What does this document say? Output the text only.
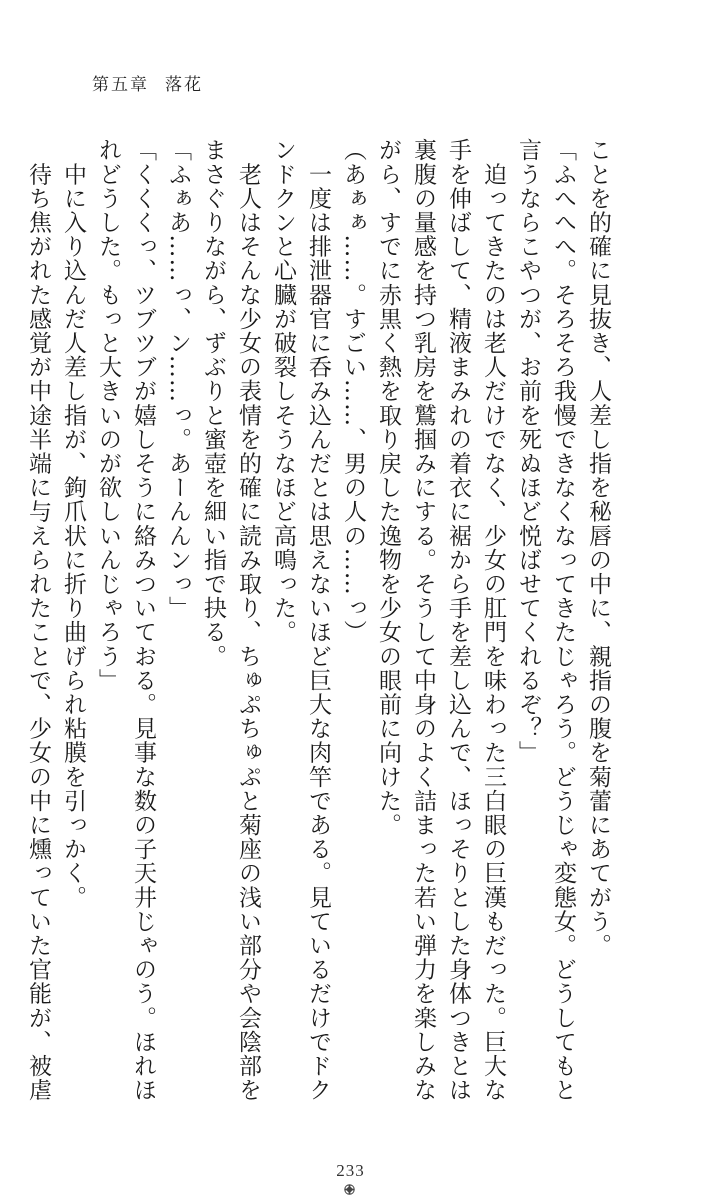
第五章 落花

ことを的確に見抜き、人差し指を秘唇の中に、親指の腹を菊蕾にあてがう。

「ふへへへ。そろそろ我慢できなくなってきたじゃろう。どうじゃ変態女。どうしてもと

言うならこやつが、お前を死ぬほど悦ばせてくれるぞ？」

　迫ってきたのは老人だけでなく、少女の肛門を味わった三白眼の巨漢もだった。巨大な

手を伸ばして、精液まみれの着衣に裾から手を差し込んで、ほっそりとした身体つきとは

裏腹の量感を持つ乳房を鷲掴みにする。そうして中身のよく詰まった若い弾力を楽しみな

がら、すでに赤黒く熱を取り戻した逸物を少女の眼前に向けた。

（あぁぁ……。すごい……、男の人の……っ）

　一度は排泄器官に呑み込んだとは思えないほど巨大な肉竿である。見ているだけでドク

ンドクンと心臓が破裂しそうなほど高鳴った。

　老人はそんな少女の表情を的確に読み取り、ちゅぷちゅぷと菊座の浅い部分や会陰部を

まさぐりながら、ずぶりと蜜壺を細い指で抉る。

「ふぁあ……っ、ン……っ。あーんんンっ」

「くくくっ、ツブツブが嬉しそうに絡みついておる。見事な数の子天井じゃのう。ほれほ

れどうした。もっと大きいのが欲しいんじゃろう」

　中に入り込んだ人差し指が、鉤爪状に折り曲げられ粘膜を引っかく。

　待ち焦がれた感覚が中途半端に与えられたことで、少女の中に燻っていた官能が、被虐

233
